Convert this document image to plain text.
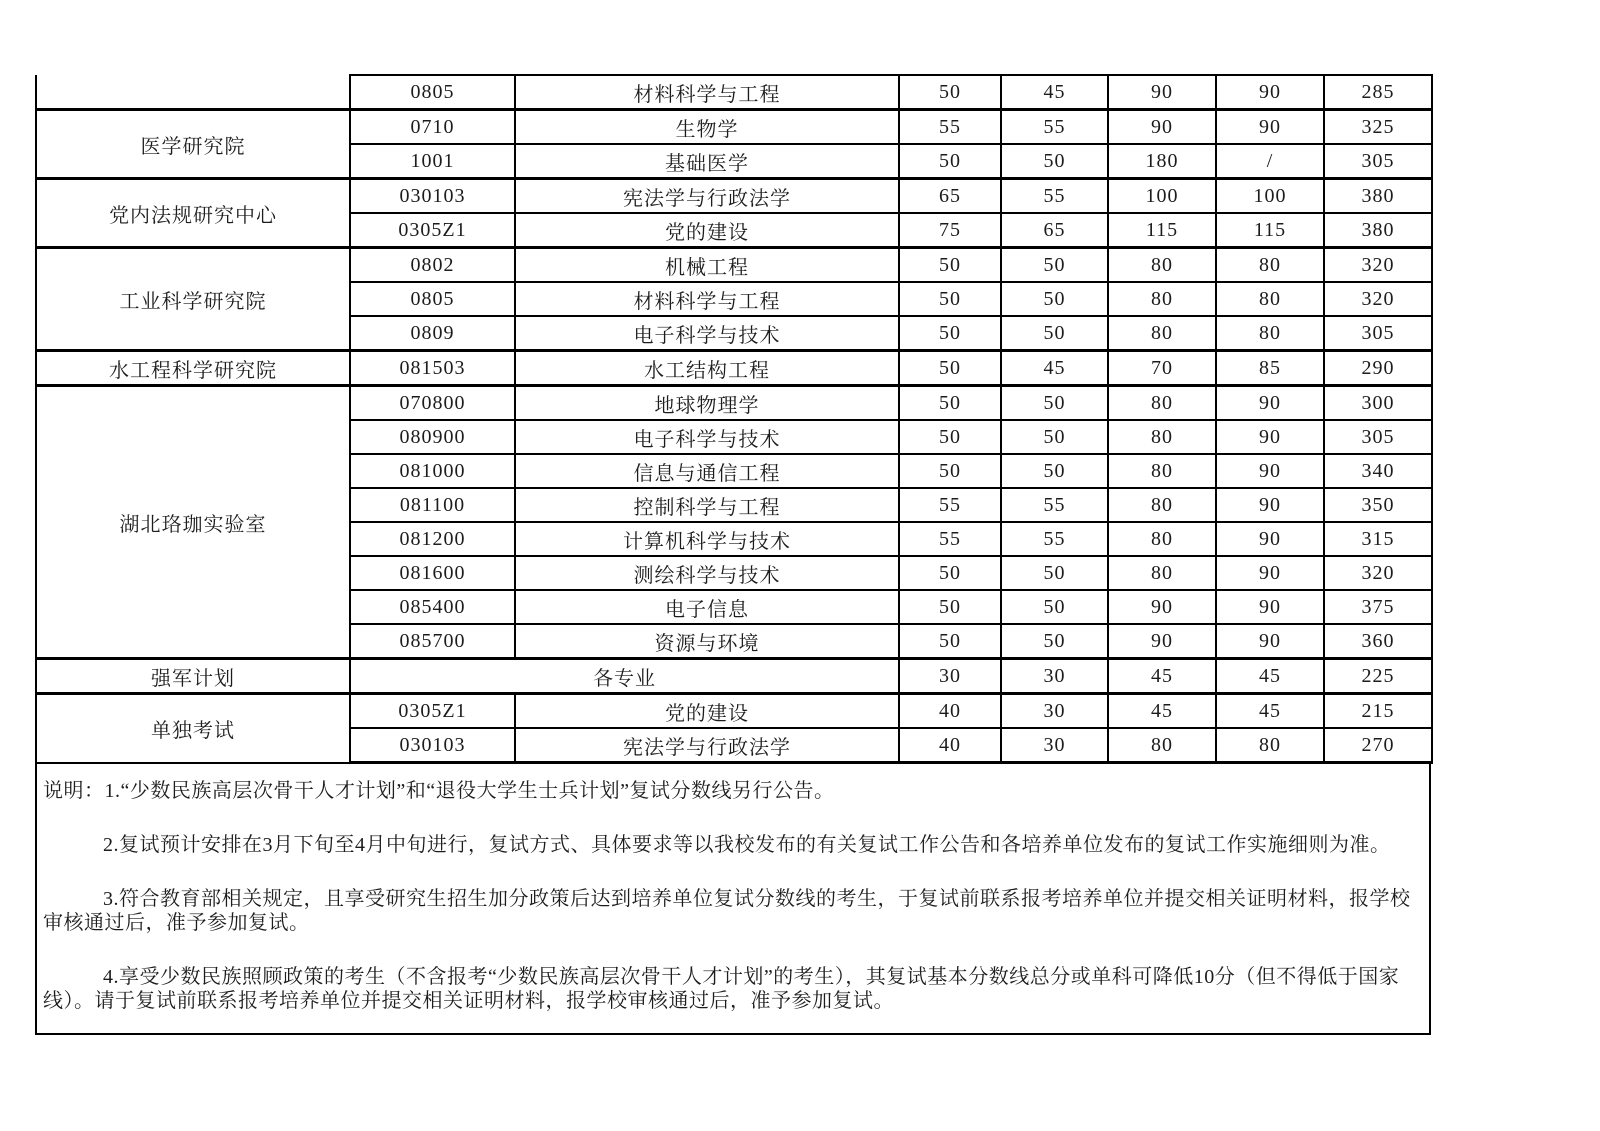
	0805	材料科学与工程	50	45	90	90	285
医学研究院	0710	生物学	55	55	90	90	325
	1001	基础医学	50	50	180	/	305
党内法规研究中心	030103	宪法学与行政法学	65	55	100	100	380
	0305Z1	党的建设	75	65	115	115	380
工业科学研究院	0802	机械工程	50	50	80	80	320
	0805	材料科学与工程	50	50	80	80	320
	0809	电子科学与技术	50	50	80	80	305
水工程科学研究院	081503	水工结构工程	50	45	70	85	290
湖北珞珈实验室	070800	地球物理学	50	50	80	90	300
	080900	电子科学与技术	50	50	80	90	305
	081000	信息与通信工程	50	50	80	90	340
	081100	控制科学与工程	55	55	80	90	350
	081200	计算机科学与技术	55	55	80	90	315
	081600	测绘科学与技术	50	50	80	90	320
	085400	电子信息	50	50	90	90	375
	085700	资源与环境	50	50	90	90	360
强军计划	各专业		30	30	45	45	225
单独考试	0305Z1	党的建设	40	30	45	45	215
	030103	宪法学与行政法学	40	30	80	80	270

说明：1.“少数民族高层次骨干人才计划”和“退役大学生士兵计划”复试分数线另行公告。

2.复试预计安排在3月下旬至4月中旬进行，复试方式、具体要求等以我校发布的有关复试工作公告和各培养单位发布的复试工作实施细则为准。

3.符合教育部相关规定，且享受研究生招生加分政策后达到培养单位复试分数线的考生，于复试前联系报考培养单位并提交相关证明材料，报学校审核通过后，准予参加复试。

4.享受少数民族照顾政策的考生（不含报考“少数民族高层次骨干人才计划”的考生），其复试基本分数线总分或单科可降低10分（但不得低于国家线）。请于复试前联系报考培养单位并提交相关证明材料，报学校审核通过后，准予参加复试。
